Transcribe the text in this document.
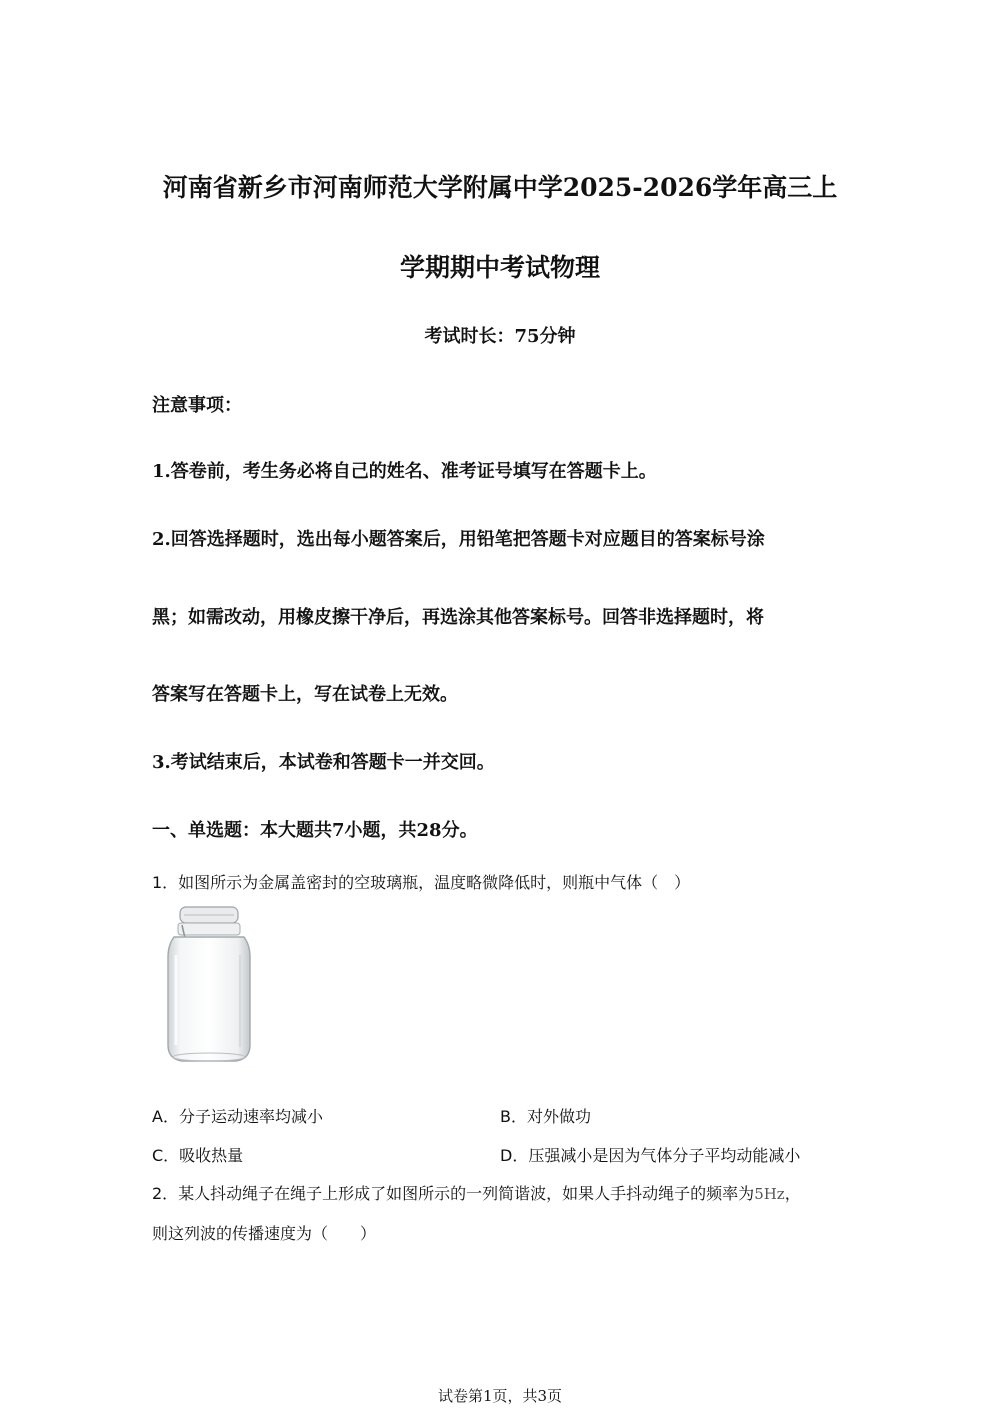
河南省新乡市河南师范大学附属中学2025-2026学年高三上
学期期中考试物理
考试时长：75分钟
注意事项：
1.答卷前，考生务必将自己的姓名、准考证号填写在答题卡上。
2.回答选择题时，选出每小题答案后，用铅笔把答题卡对应题目的答案标号涂
黑；如需改动，用橡皮擦干净后，再选涂其他答案标号。回答非选择题时，将
答案写在答题卡上，写在试卷上无效。
3.考试结束后，本试卷和答题卡一并交回。
一、单选题：本大题共7小题，共28分。
1．如图所示为金属盖密封的空玻璃瓶，温度略微降低时，则瓶中气体（　）
A．分子运动速率均减小	B．对外做功
C．吸收热量	D．压强减小是因为气体分子平均动能减小
2．某人抖动绳子在绳子上形成了如图所示的一列简谐波，如果人手抖动绳子的频率为5Hz，
则这列波的传播速度为（　　）
试卷第1页，共3页
